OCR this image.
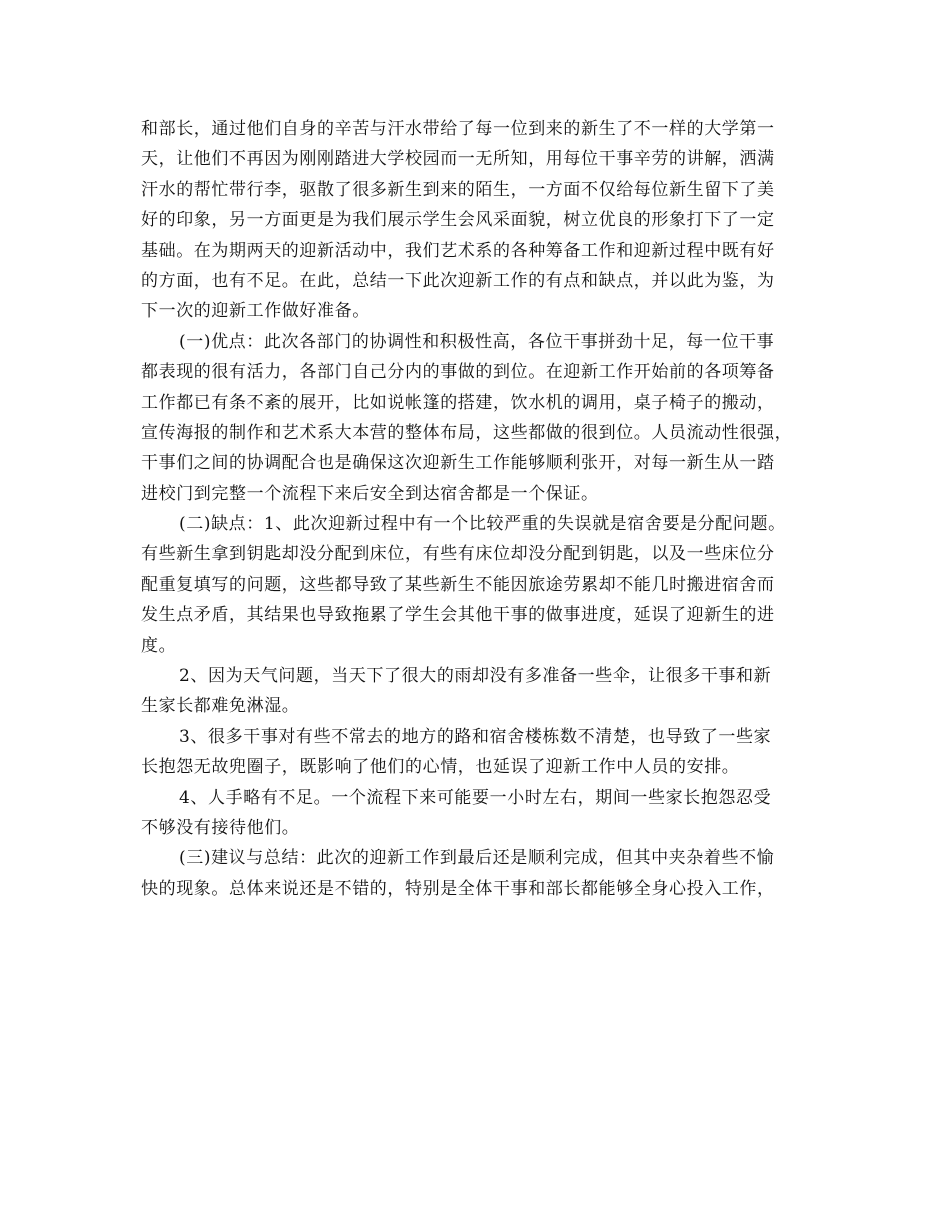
和部长，通过他们自身的辛苦与汗水带给了每一位到来的新生了不一样的大学第一
天，让他们不再因为刚刚踏进大学校园而一无所知，用每位干事辛劳的讲解，洒满
汗水的帮忙带行李，驱散了很多新生到来的陌生，一方面不仅给每位新生留下了美
好的印象，另一方面更是为我们展示学生会风采面貌，树立优良的形象打下了一定
基础。在为期两天的迎新活动中，我们艺术系的各种筹备工作和迎新过程中既有好
的方面，也有不足。在此，总结一下此次迎新工作的有点和缺点，并以此为鉴，为
下一次的迎新工作做好准备。
(一)优点：此次各部门的协调性和积极性高，各位干事拼劲十足，每一位干事
都表现的很有活力，各部门自己分内的事做的到位。在迎新工作开始前的各项筹备
工作都已有条不紊的展开，比如说帐篷的搭建，饮水机的调用，桌子椅子的搬动，
宣传海报的制作和艺术系大本营的整体布局，这些都做的很到位。人员流动性很强，
干事们之间的协调配合也是确保这次迎新生工作能够顺利张开，对每一新生从一踏
进校门到完整一个流程下来后安全到达宿舍都是一个保证。
(二)缺点：1、此次迎新过程中有一个比较严重的失误就是宿舍要是分配问题。
有些新生拿到钥匙却没分配到床位，有些有床位却没分配到钥匙，以及一些床位分
配重复填写的问题，这些都导致了某些新生不能因旅途劳累却不能几时搬进宿舍而
发生点矛盾，其结果也导致拖累了学生会其他干事的做事进度，延误了迎新生的进
度。
2、因为天气问题，当天下了很大的雨却没有多准备一些伞，让很多干事和新
生家长都难免淋湿。
3、很多干事对有些不常去的地方的路和宿舍楼栋数不清楚，也导致了一些家
长抱怨无故兜圈子，既影响了他们的心情，也延误了迎新工作中人员的安排。
4、人手略有不足。一个流程下来可能要一小时左右，期间一些家长抱怨忍受
不够没有接待他们。
(三)建议与总结：此次的迎新工作到最后还是顺利完成，但其中夹杂着些不愉
快的现象。总体来说还是不错的，特别是全体干事和部长都能够全身心投入工作，
